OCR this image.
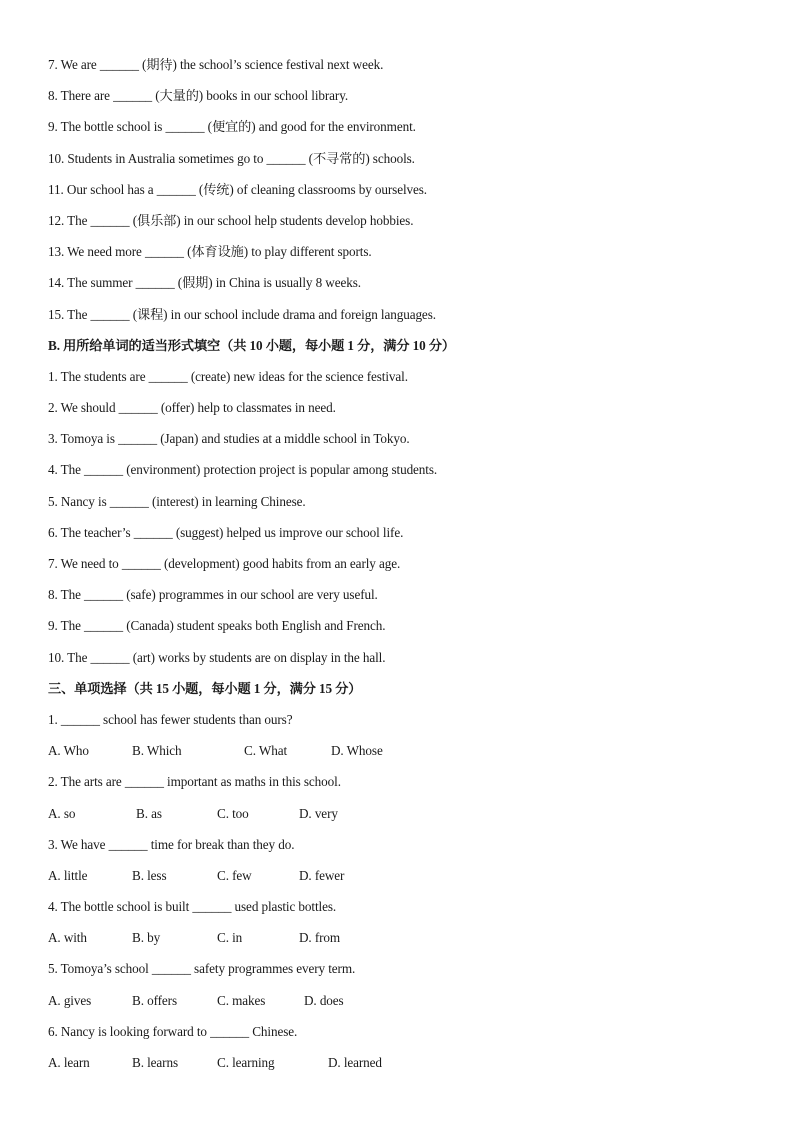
7. We are ______ (期待) the school’s science festival next week.
8. There are ______ (大量的) books in our school library.
9. The bottle school is ______ (便宜的) and good for the environment.
10. Students in Australia sometimes go to ______ (不寻常的) schools.
11. Our school has a ______ (传统) of cleaning classrooms by ourselves.
12. The ______ (俱乐部) in our school help students develop hobbies.
13. We need more ______ (体育设施) to play different sports.
14. The summer ______ (假期) in China is usually 8 weeks.
15. The ______ (课程) in our school include drama and foreign languages.
B. 用所给单词的适当形式填空（共 10 小题，每小题 1 分，满分 10 分）
1. The students are ______ (create) new ideas for the science festival.
2. We should ______ (offer) help to classmates in need.
3. Tomoya is ______ (Japan) and studies at a middle school in Tokyo.
4. The ______ (environment) protection project is popular among students.
5. Nancy is ______ (interest) in learning Chinese.
6. The teacher’s ______ (suggest) helped us improve our school life.
7. We need to ______ (development) good habits from an early age.
8. The ______ (safe) programmes in our school are very useful.
9. The ______ (Canada) student speaks both English and French.
10. The ______ (art) works by students are on display in the hall.
三、单项选择（共 15 小题，每小题 1 分，满分 15 分）
1. ______ school has fewer students than ours?
A. Who	B. Which	C. What	D. Whose
2. The arts are ______ important as maths in this school.
A. so	B. as	C. too	D. very
3. We have ______ time for break than they do.
A. little	B. less	C. few	D. fewer
4. The bottle school is built ______ used plastic bottles.
A. with	B. by	C. in	D. from
5. Tomoya’s school ______ safety programmes every term.
A. gives	B. offers	C. makes	D. does
6. Nancy is looking forward to ______ Chinese.
A. learn	B. learns	C. learning	D. learned
